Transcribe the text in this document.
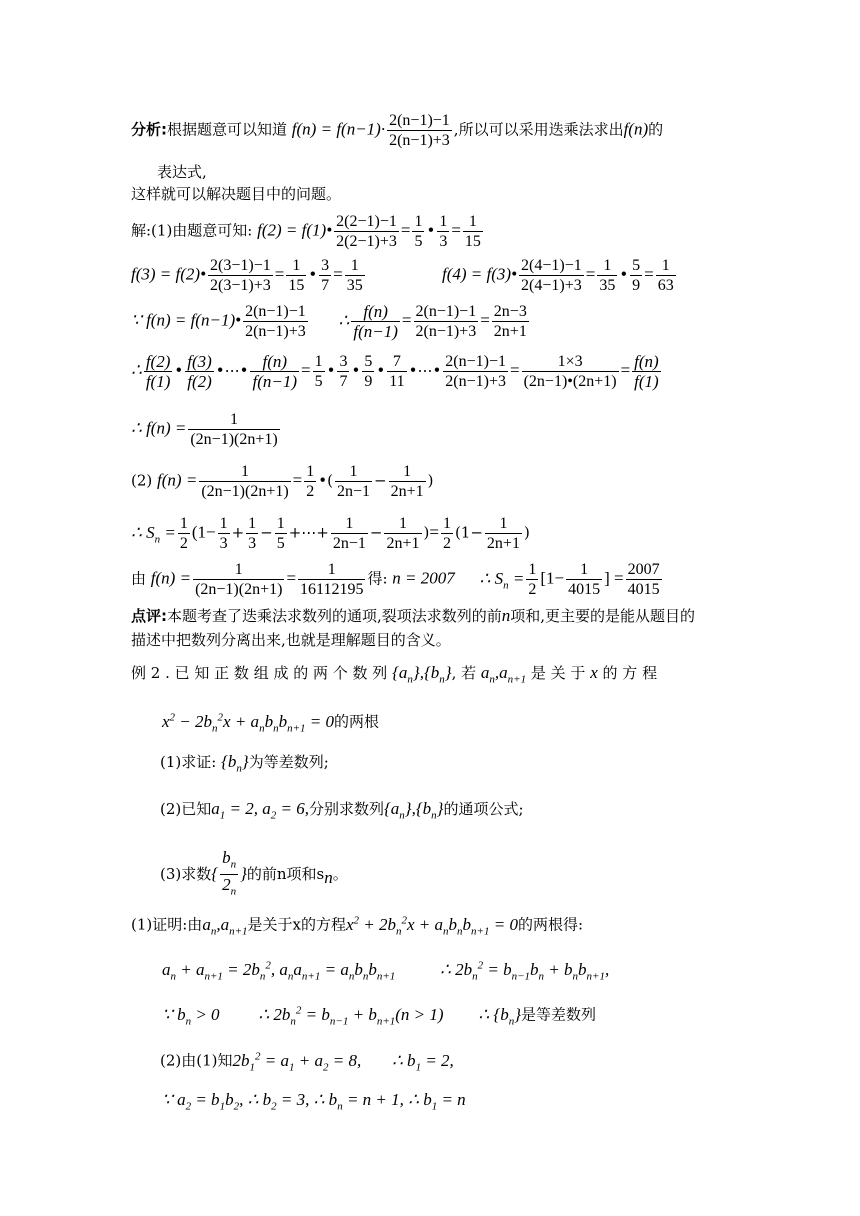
分析:根据题意可以知道 $f(n) = f(n-1)\cdot \frac{2(n-1)-1}{2(n-1)+3}$ ,所以可以采用迭乘法求出f(n)的
表达式,
这样就可以解决题目中的问题。
解:(1)由题意可知: f(2) = f(1)• $\frac{2(2-1)-1}{2(2-1)+3} = \frac{1}{5}$ • $\frac{1}{3} = \frac{1}{15}$
f(3) = f(2)• $\frac{2(3-1)-1}{2(3-1)+3} = \frac{1}{15}$ • $\frac{3}{7} = \frac{1}{35}$	f(4) = f(3)• $\frac{2(4-1)-1}{2(4-1)+3} = \frac{1}{35}$ • $\frac{5}{9} = \frac{1}{63}$
∵ f(n) = f(n−1)• $\frac{2(n-1)-1}{2(n-1)+3}$ ∴ $\frac{f(n)}{f(n-1)} = \frac{2(n-1)-1}{2(n-1)+3} = \frac{2n-3}{2n+1}$
∴ $\frac{f(2)}{f(1)}$ • $\frac{f(3)}{f(2)}$ •⋯• $\frac{f(n)}{f(n-1)} = \frac{1}{5}$ • $\frac{3}{7}$ • $\frac{5}{9}$ • $\frac{7}{11}$ •⋯• $\frac{2(n-1)-1}{2(n-1)+3} = \frac{1\times 3}{(2n-1)•(2n+1)} = \frac{f(n)}{f(1)}$
∴ $f(n) = \frac{1}{(2n-1)(2n+1)}$
(2) $f(n) = \frac{1}{(2n-1)(2n+1)} = \frac{1}{2}$ •( $\frac{1}{2n-1} - \frac{1}{2n+1}$ )
∴ $S_n = \frac{1}{2} (1- \frac{1}{3} + \frac{1}{3} - \frac{1}{5}$ +⋯+ $\frac{1}{2n-1} - \frac{1}{2n+1}$ )= $\frac{1}{2} (1- \frac{1}{2n+1}$ )
由 $f(n) = \frac{1}{(2n-1)(2n+1)} = \frac{1}{16112195}$ 得: n = 2007 ∴ $S_n = \frac{1}{2} [1- \frac{1}{4015}$ ] = $\frac{2007}{4015}$
点评:本题考查了迭乘法求数列的通项,裂项法求数列的前n项和,更主要的是能从题目的
描述中把数列分离出来,也就是理解题目的含义。
例 2 . 已 知 正 数 组 成 的 两 个 数 列 $\{a_n\},\{b_n\}$, 若 $a_n,a_{n+1}$ 是 关 于 x 的 方 程
$x^2 - 2b_n^2x + a_nb_nb_{n+1} = 0$的两根
(1)求证: $\{b_n\}$为等差数列;
(2)已知$a_1 = 2$, $a_2 = 6$,分别求数列$\{a_n\},\{b_n\}$的通项公式;
(3)求数{ $\frac{b_n}{2_n}$ }的前n项和$s_n$。
(1)证明:由$a_n,a_{n+1}$是关于x的方程$x^2 + 2b_n^2x + a_nb_nb_{n+1} = 0$的两根得:
$a_n + a_{n+1} = 2b_n^2$, $a_na_{n+1} = a_nb_nb_{n+1}$	∴ $2b_n^2 = b_{n-1}b_n + b_nb_{n+1}$,
∵ $b_n > 0$ ∴ $2b_n^2 = b_{n-1} + b_{n+1}(n > 1)$ ∴ $\{b_n\}$是等差数列
(2)由(1)知$2b_1^2 = a_1 + a_2 = 8$, ∴ $b_1 = 2$,
∵ $a_2 = b_1b_2$, ∴ $b_2 = 3$, ∴ $b_n = n + 1$, ∴ $b_1 = n$
